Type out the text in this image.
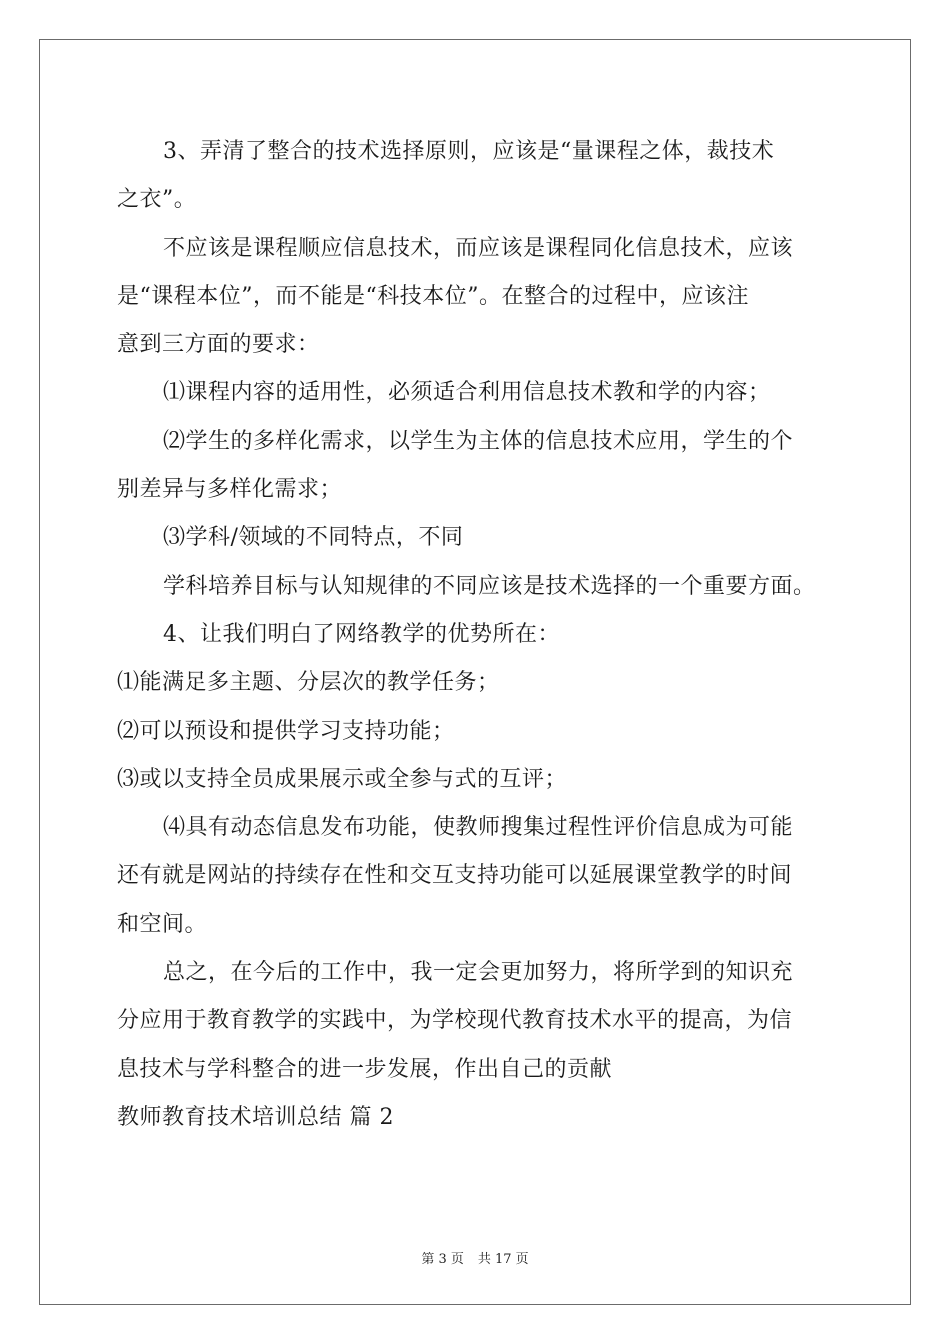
3、弄清了整合的技术选择原则，应该是“量课程之体，裁技术

之衣”。

不应该是课程顺应信息技术，而应该是课程同化信息技术，应该

是“课程本位”，而不能是“科技本位”。在整合的过程中，应该注

意到三方面的要求：

⑴课程内容的适用性，必须适合利用信息技术教和学的内容；

⑵学生的多样化需求，以学生为主体的信息技术应用，学生的个

别差异与多样化需求；

⑶学科/领域的不同特点，不同

学科培养目标与认知规律的不同应该是技术选择的一个重要方面。

4、让我们明白了网络教学的优势所在：

⑴能满足多主题、分层次的教学任务；

⑵可以预设和提供学习支持功能；

⑶或以支持全员成果展示或全参与式的互评；

⑷具有动态信息发布功能，使教师搜集过程性评价信息成为可能

还有就是网站的持续存在性和交互支持功能可以延展课堂教学的时间

和空间。

总之，在今后的工作中，我一定会更加努力，将所学到的知识充

分应用于教育教学的实践中，为学校现代教育技术水平的提高，为信

息技术与学科整合的进一步发展，作出自己的贡献

教师教育技术培训总结 篇 2

第 3 页 共 17 页
